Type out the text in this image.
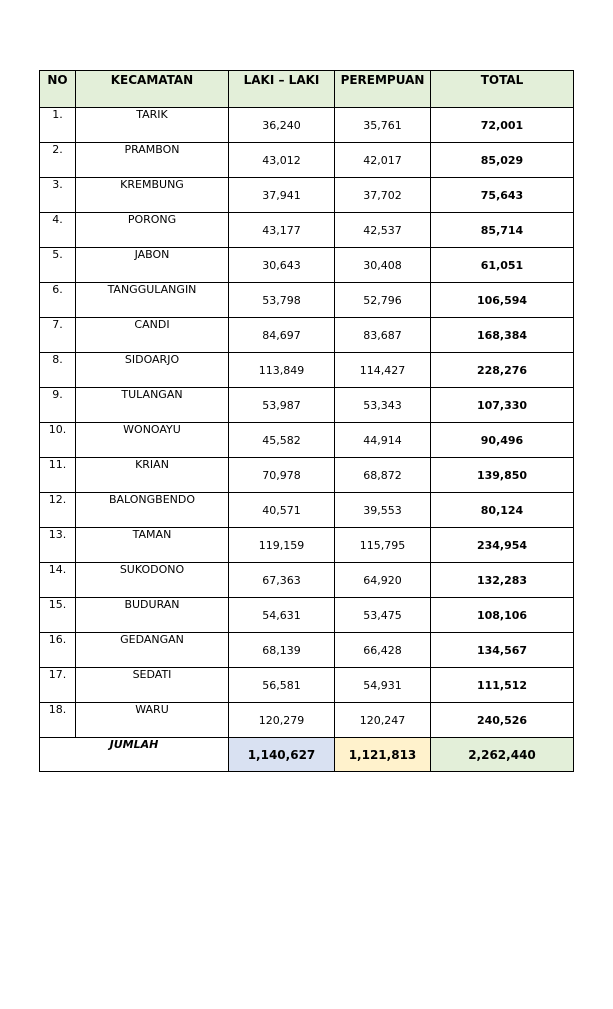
NO	KECAMATAN	LAKI – LAKI	PEREMPUAN	TOTAL
1.	TARIK	36,240	35,761	72,001
2.	PRAMBON	43,012	42,017	85,029
3.	KREMBUNG	37,941	37,702	75,643
4.	PORONG	43,177	42,537	85,714
5.	JABON	30,643	30,408	61,051
6.	TANGGULANGIN	53,798	52,796	106,594
7.	CANDI	84,697	83,687	168,384
8.	SIDOARJO	113,849	114,427	228,276
9.	TULANGAN	53,987	53,343	107,330
10.	WONOAYU	45,582	44,914	90,496
11.	KRIAN	70,978	68,872	139,850
12.	BALONGBENDO	40,571	39,553	80,124
13.	TAMAN	119,159	115,795	234,954
14.	SUKODONO	67,363	64,920	132,283
15.	BUDURAN	54,631	53,475	108,106
16.	GEDANGAN	68,139	66,428	134,567
17.	SEDATI	56,581	54,931	111,512
18.	WARU	120,279	120,247	240,526
JUMLAH		1,140,627	1,121,813	2,262,440
